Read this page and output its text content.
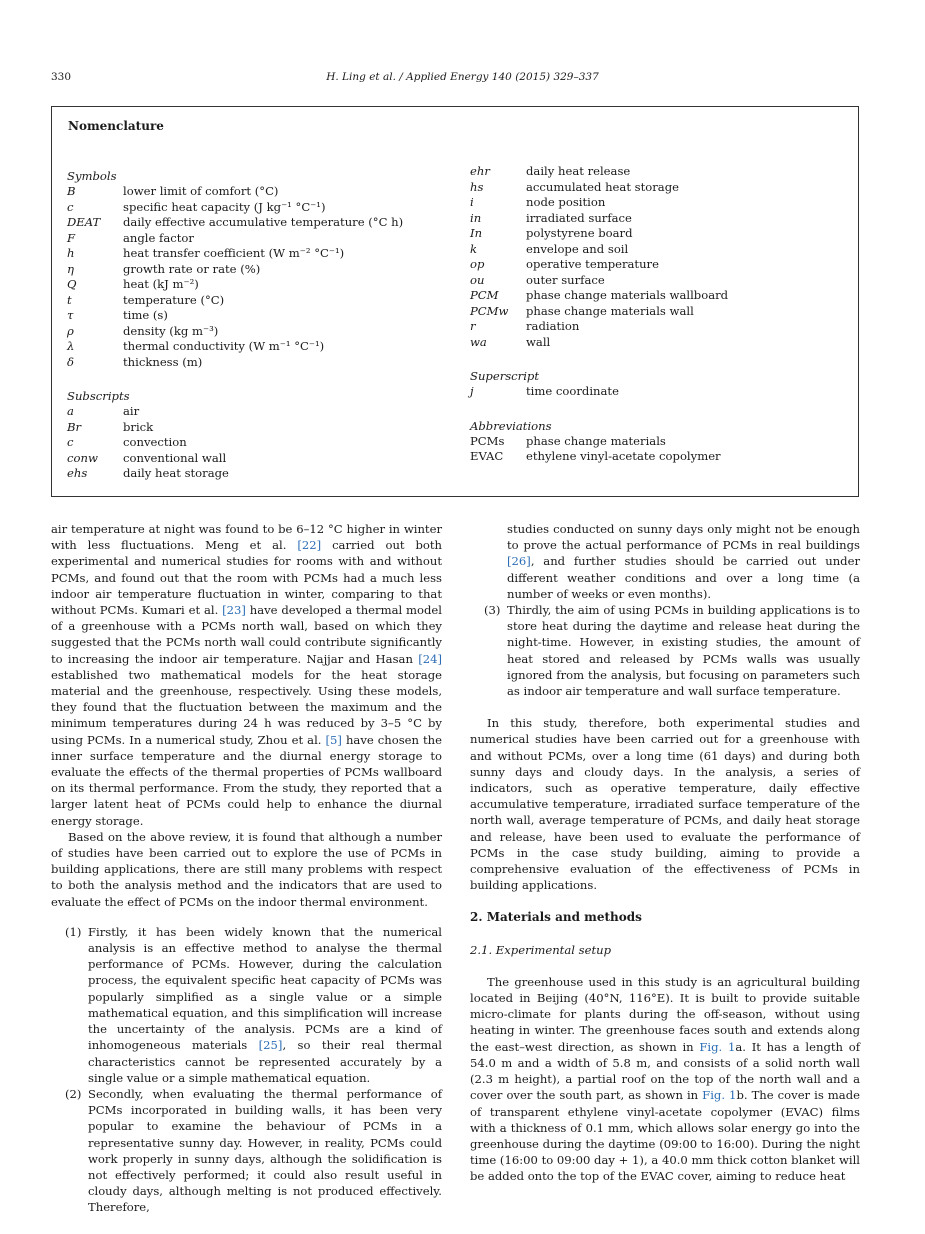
330	H. Ling et al. / Applied Energy 140 (2015) 329–337
Nomenclature
Symbols
B	lower limit of comfort (°C)
c	specific heat capacity (J kg⁻¹ °C⁻¹)
DEAT daily effective accumulative temperature (°C h)
F	angle factor
h	heat transfer coefficient (W m⁻² °C⁻¹)
η	growth rate or rate (%)
Q	heat (kJ m⁻²)
t	temperature (°C)
τ	time (s)
ρ	density (kg m⁻³)
λ	thermal conductivity (W m⁻¹ °C⁻¹)
δ	thickness (m)
Subscripts
a	air
Br	brick
c	convection
conw conventional wall
ehs	daily heat storage
ehr	daily heat release
hs	accumulated heat storage
i	node position
in	irradiated surface
In	polystyrene board
k	envelope and soil
op	operative temperature
ou	outer surface
PCM phase change materials wallboard
PCMw phase change materials wall
r	radiation
wa	wall
Superscript
j	time coordinate
Abbreviations
PCMs phase change materials
EVAC ethylene vinyl-acetate copolymer

air temperature at night was found to be 6–12 °C higher in winter with less fluctuations. Meng et al. [22] carried out both experimental and numerical studies for rooms with and without PCMs, and found out that the room with PCMs had a much less indoor air temperature fluctuation in winter, comparing to that without PCMs. Kumari et al. [23] have developed a thermal model of a greenhouse with a PCMs north wall, based on which they suggested that the PCMs north wall could contribute significantly to increasing the indoor air temperature. Najjar and Hasan [24] established two mathematical models for the heat storage material and the greenhouse, respectively. Using these models, they found that the fluctuation between the maximum and the minimum temperatures during 24 h was reduced by 3–5 °C by using PCMs. In a numerical study, Zhou et al. [5] have chosen the inner surface temperature and the diurnal energy storage to evaluate the effects of the thermal properties of PCMs wallboard on its thermal performance. From the study, they reported that a larger latent heat of PCMs could help to enhance the diurnal energy storage.

Based on the above review, it is found that although a number of studies have been carried out to explore the use of PCMs in building applications, there are still many problems with respect to both the analysis method and the indicators that are used to evaluate the effect of PCMs on the indoor thermal environment.

(1) Firstly, it has been widely known that the numerical analysis is an effective method to analyse the thermal performance of PCMs. However, during the calculation process, the equivalent specific heat capacity of PCMs was popularly simplified as a single value or a simple mathematical equation, and this simplification will increase the uncertainty of the analysis. PCMs are a kind of inhomogeneous materials [25], so their real thermal characteristics cannot be represented accurately by a single value or a simple mathematical equation.
(2) Secondly, when evaluating the thermal performance of PCMs incorporated in building walls, it has been very popular to examine the behaviour of PCMs in a representative sunny day. However, in reality, PCMs could work properly in sunny days, although the solidification is not effectively performed; it could also result useful in cloudy days, although melting is not produced effectively. Therefore,
studies conducted on sunny days only might not be enough to prove the actual performance of PCMs in real buildings [26], and further studies should be carried out under different weather conditions and over a long time (a number of weeks or even months).
(3) Thirdly, the aim of using PCMs in building applications is to store heat during the daytime and release heat during the night-time. However, in existing studies, the amount of heat stored and released by PCMs walls was usually ignored from the analysis, but focusing on parameters such as indoor air temperature and wall surface temperature.

In this study, therefore, both experimental studies and numerical studies have been carried out for a greenhouse with and without PCMs, over a long time (61 days) and during both sunny days and cloudy days. In the analysis, a series of indicators, such as operative temperature, daily effective accumulative temperature, irradiated surface temperature of the north wall, average temperature of PCMs, and daily heat storage and release, have been used to evaluate the performance of PCMs in the case study building, aiming to provide a comprehensive evaluation of the effectiveness of PCMs in building applications.

2. Materials and methods

2.1. Experimental setup

The greenhouse used in this study is an agricultural building located in Beijing (40°N, 116°E). It is built to provide suitable micro-climate for plants during the off-season, without using heating in winter. The greenhouse faces south and extends along the east–west direction, as shown in Fig. 1a. It has a length of 54.0 m and a width of 5.8 m, and consists of a solid north wall (2.3 m height), a partial roof on the top of the north wall and a cover over the south part, as shown in Fig. 1b. The cover is made of transparent ethylene vinyl-acetate copolymer (EVAC) films with a thickness of 0.1 mm, which allows solar energy go into the greenhouse during the daytime (09:00 to 16:00). During the night time (16:00 to 09:00 day + 1), a 40.0 mm thick cotton blanket will be added onto the top of the EVAC cover, aiming to reduce heat
